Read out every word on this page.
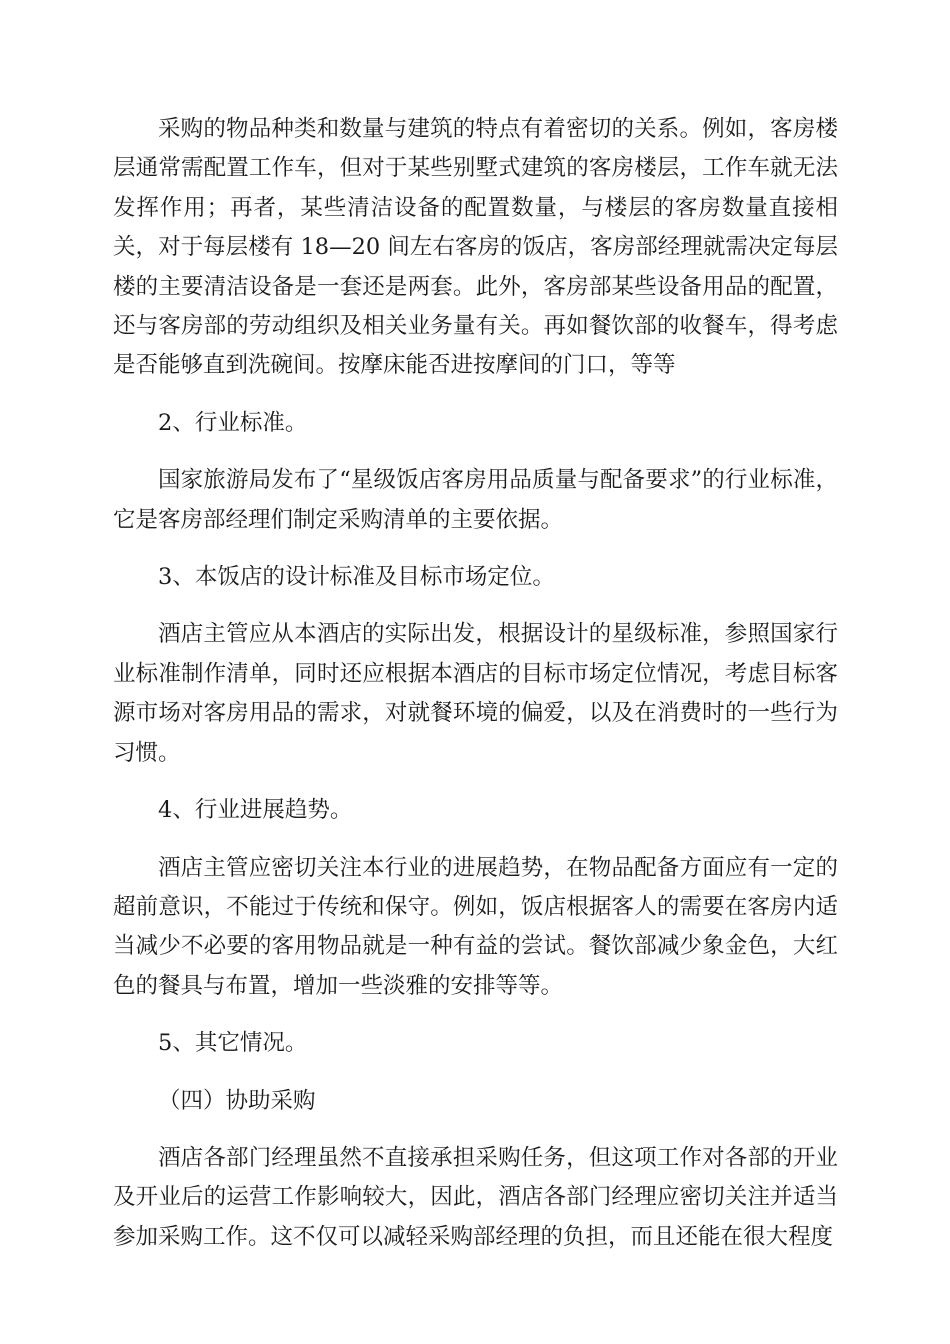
采购的物品种类和数量与建筑的特点有着密切的关系。例如，客房楼层通常需配置工作车，但对于某些别墅式建筑的客房楼层，工作车就无法发挥作用；再者，某些清洁设备的配置数量，与楼层的客房数量直接相关，对于每层楼有 18—20 间左右客房的饭店，客房部经理就需决定每层楼的主要清洁设备是一套还是两套。此外，客房部某些设备用品的配置，还与客房部的劳动组织及相关业务量有关。再如餐饮部的收餐车，得考虑是否能够直到洗碗间。按摩床能否进按摩间的门口，等等

2、行业标准。

国家旅游局发布了“星级饭店客房用品质量与配备要求”的行业标准，它是客房部经理们制定采购清单的主要依据。

3、本饭店的设计标准及目标市场定位。

酒店主管应从本酒店的实际出发，根据设计的星级标准，参照国家行业标准制作清单，同时还应根据本酒店的目标市场定位情况，考虑目标客源市场对客房用品的需求，对就餐环境的偏爱，以及在消费时的一些行为习惯。

4、行业进展趋势。

酒店主管应密切关注本行业的进展趋势，在物品配备方面应有一定的超前意识，不能过于传统和保守。例如，饭店根据客人的需要在客房内适当减少不必要的客用物品就是一种有益的尝试。餐饮部减少象金色，大红色的餐具与布置，增加一些淡雅的安排等等。

5、其它情况。

（四）协助采购

酒店各部门经理虽然不直接承担采购任务，但这项工作对各部的开业及开业后的运营工作影响较大，因此，酒店各部门经理应密切关注并适当参加采购工作。这不仅可以减轻采购部经理的负担，而且还能在很大程度
